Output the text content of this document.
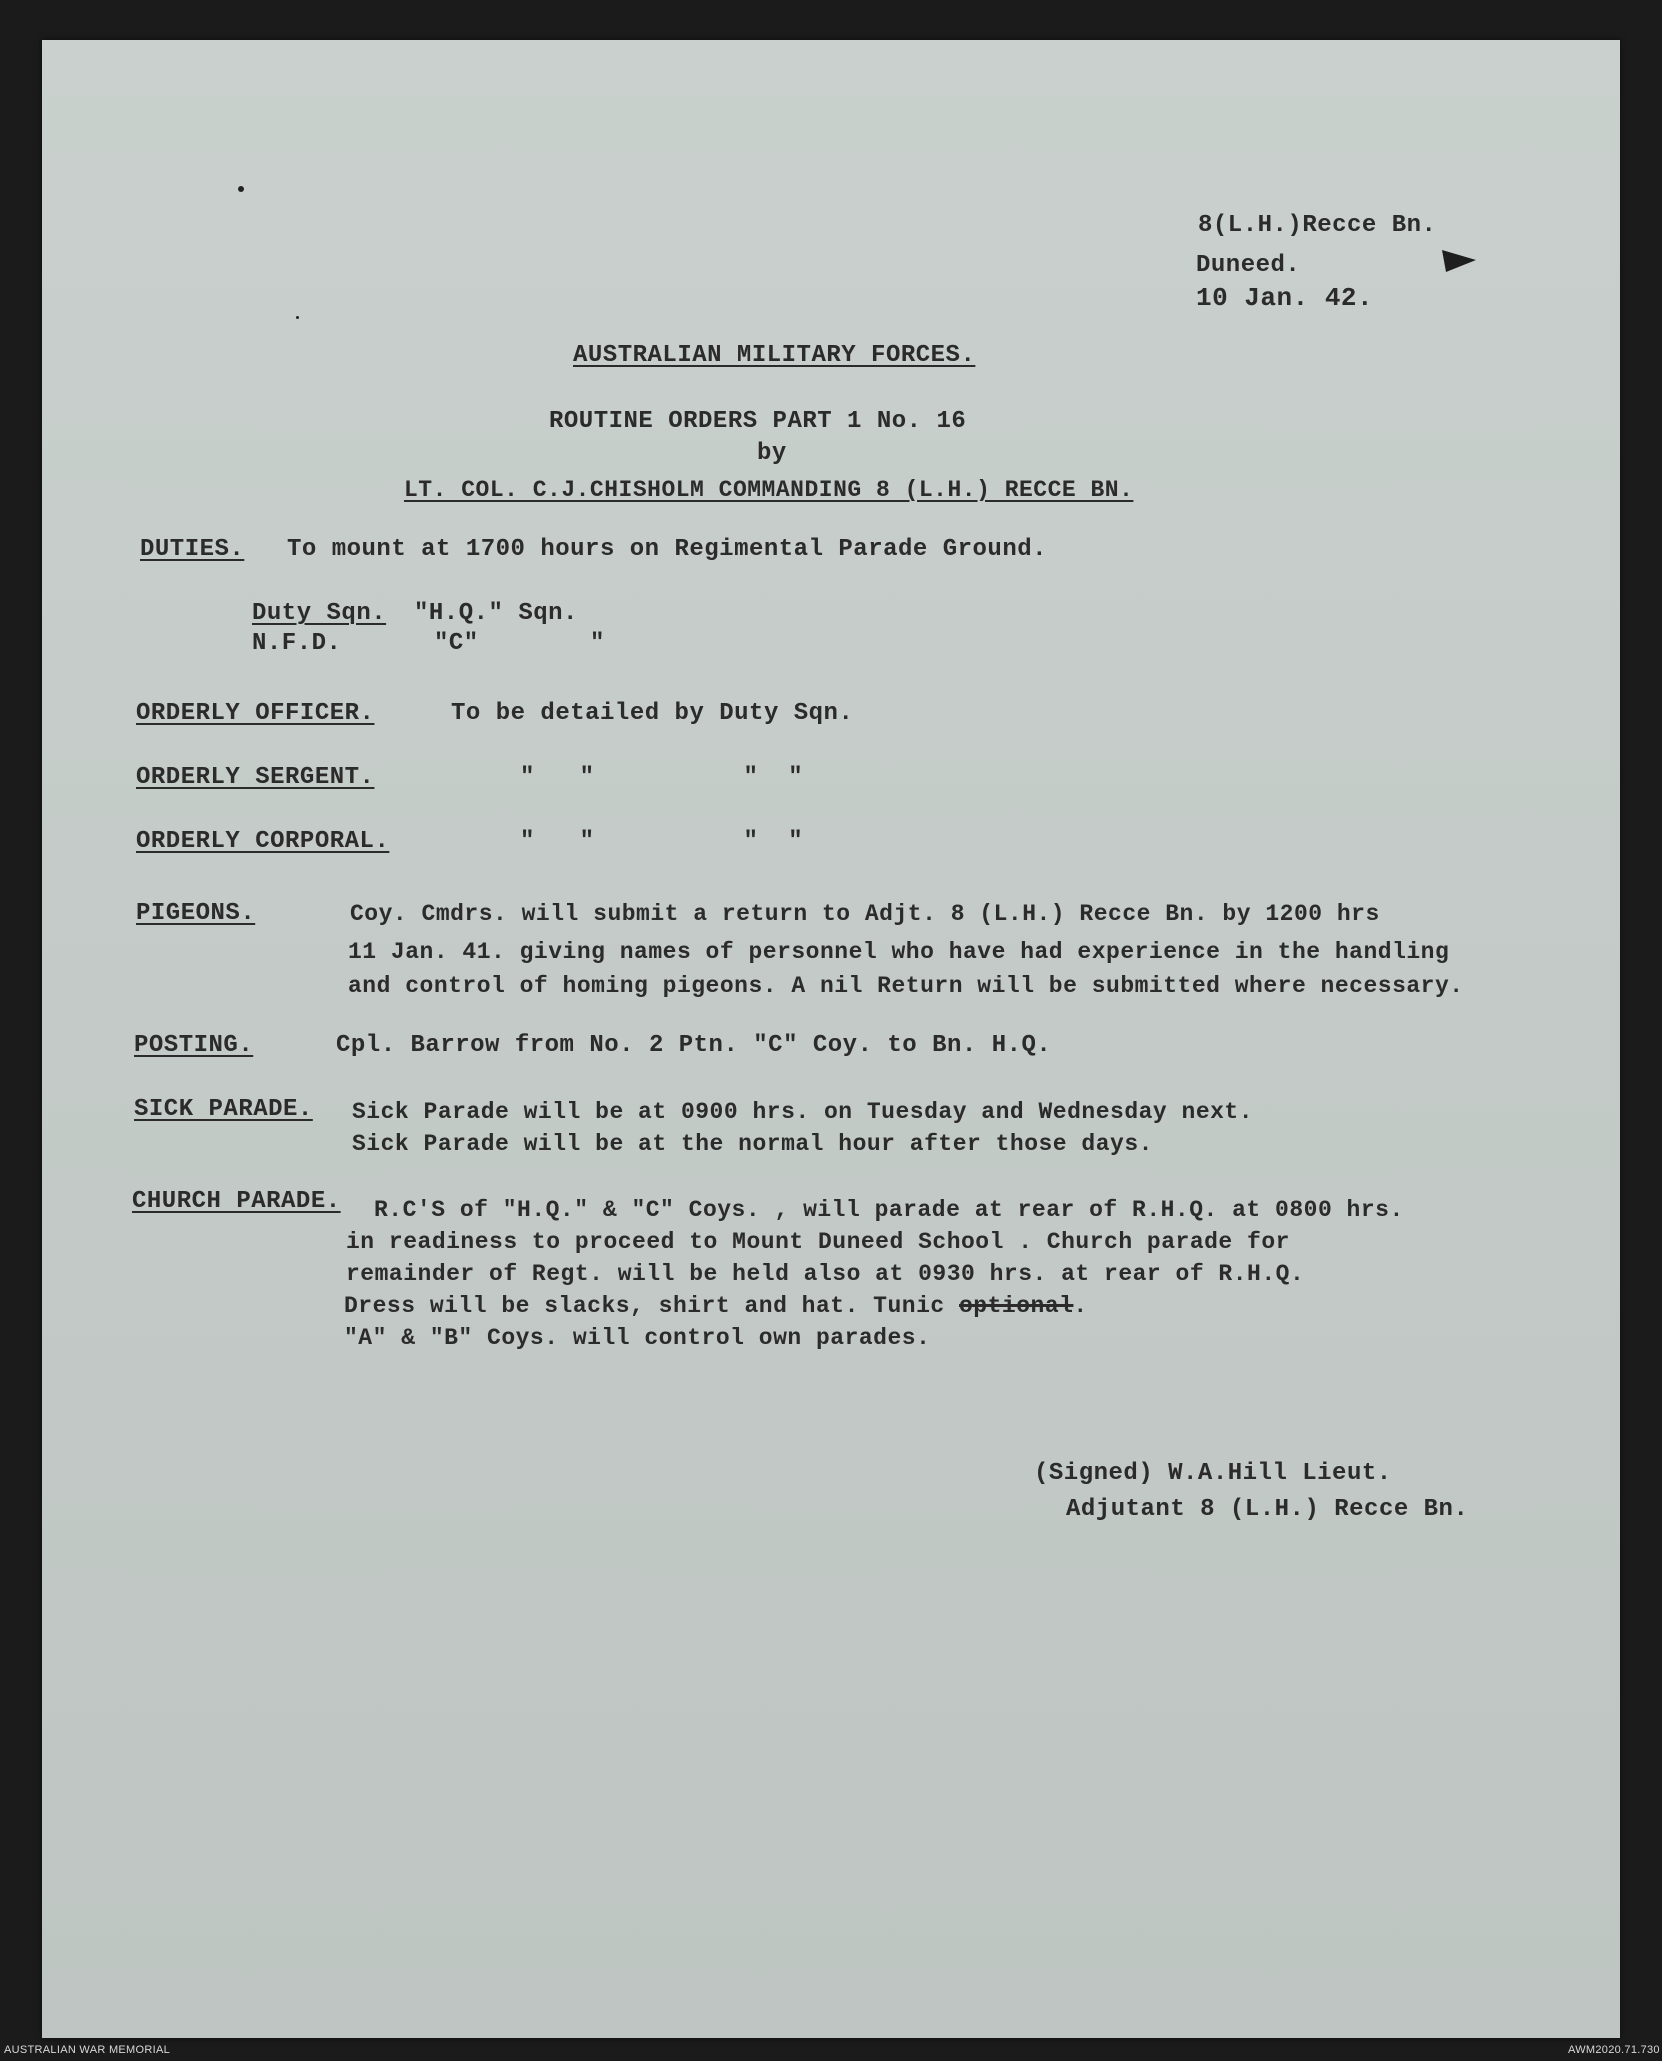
8(L.H.)Recce Bn.
Duneed.
10 Jan. 42.
AUSTRALIAN MILITARY FORCES.
ROUTINE ORDERS PART 1 No. 16
by
LT. COL. C.J.CHISHOLM COMMANDING 8 (L.H.) RECCE BN.
DUTIES. To mount at 1700 hours on Regimental Parade Ground.
Duty Sqn. "H.Q." Sqn.
N.F.D.	"C"	"
ORDERLY OFFICER.	To be detailed by Duty Sqn.
ORDERLY SERGENT.	"   "          "  "
ORDERLY CORPORAL.	"   "          "  "
PIGEONS.	Coy. Cmdrs. will submit a return to Adjt. 8 (L.H.) Recce Bn. by 1200 hrs
11 Jan. 41. giving names of personnel who have had experience in the handling
and control of homing pigeons. A nil Return will be submitted where necessary.
POSTING.	Cpl. Barrow from No. 2 Ptn. "C" Coy. to Bn. H.Q.
SICK PARADE. Sick Parade will be at 0900 hrs. on Tuesday and Wednesday next.
Sick Parade will be at the normal hour after those days.
CHURCH PARADE. R.C'S of "H.Q." & "C" Coys. , will parade at rear of R.H.Q. at 0800 hrs.
in readiness to proceed to Mount Duneed School . Church parade for
remainder of Regt. will be held also at 0930 hrs. at rear of R.H.Q.
Dress will be slacks, shirt and hat. Tunic optional.
"A" & "B" Coys. will control own parades.
(Signed) W.A.Hill Lieut.
Adjutant 8 (L.H.) Recce Bn.
AUSTRALIAN WAR MEMORIAL	AWM2020.71.730
